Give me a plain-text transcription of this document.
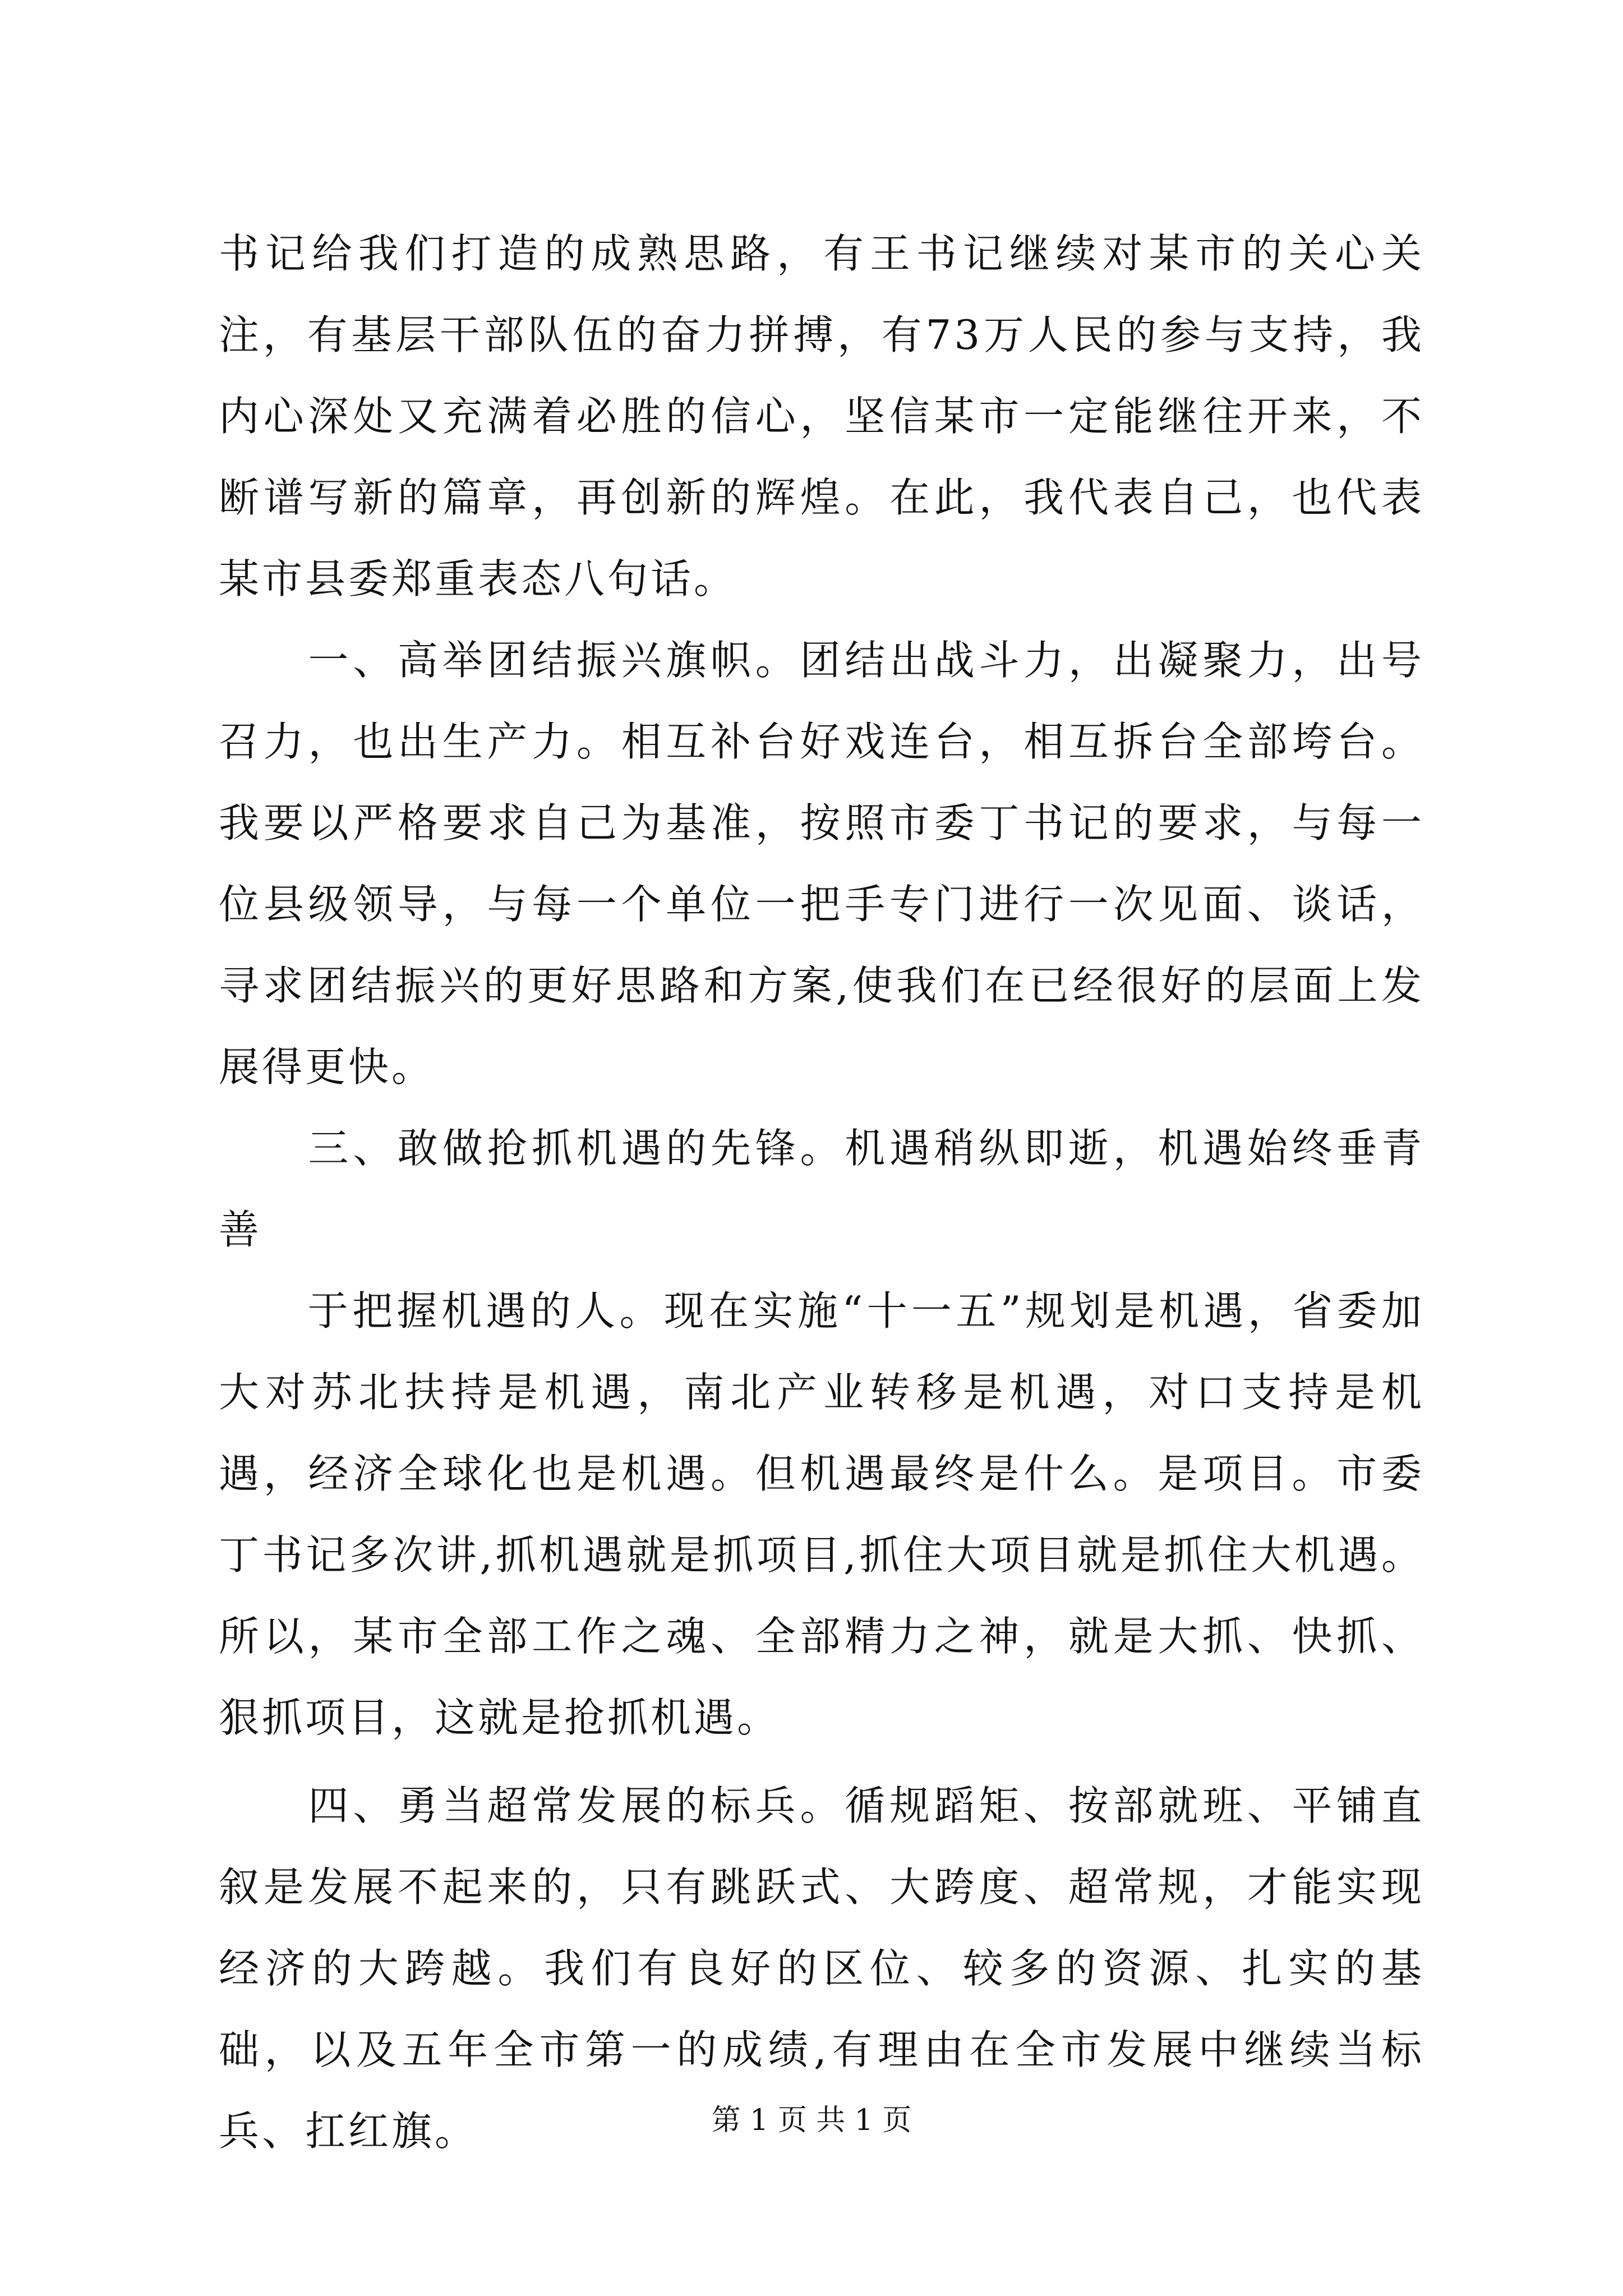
书记给我们打造的成熟思路，有王书记继续对某市的关心关注，有基层干部队伍的奋力拼搏，有73万人民的参与支持，我内心深处又充满着必胜的信心，坚信某市一定能继往开来，不断谱写新的篇章，再创新的辉煌。在此，我代表自己，也代表某市县委郑重表态八句话。

　　一、高举团结振兴旗帜。团结出战斗力，出凝聚力，出号召力，也出生产力。相互补台好戏连台，相互拆台全部垮台。我要以严格要求自己为基准，按照市委丁书记的要求，与每一位县级领导，与每一个单位一把手专门进行一次见面、谈话，寻求团结振兴的更好思路和方案,使我们在已经很好的层面上发展得更快。

　　三、敢做抢抓机遇的先锋。机遇稍纵即逝，机遇始终垂青善

　　于把握机遇的人。现在实施“十一五”规划是机遇，省委加大对苏北扶持是机遇，南北产业转移是机遇，对口支持是机遇，经济全球化也是机遇。但机遇最终是什么。是项目。市委丁书记多次讲,抓机遇就是抓项目,抓住大项目就是抓住大机遇。所以，某市全部工作之魂、全部精力之神，就是大抓、快抓、狠抓项目，这就是抢抓机遇。

　　四、勇当超常发展的标兵。循规蹈矩、按部就班、平铺直叙是发展不起来的，只有跳跃式、大跨度、超常规，才能实现经济的大跨越。我们有良好的区位、较多的资源、扎实的基础，以及五年全市第一的成绩,有理由在全市发展中继续当标兵、扛红旗。	第 1 页 共 1 页
